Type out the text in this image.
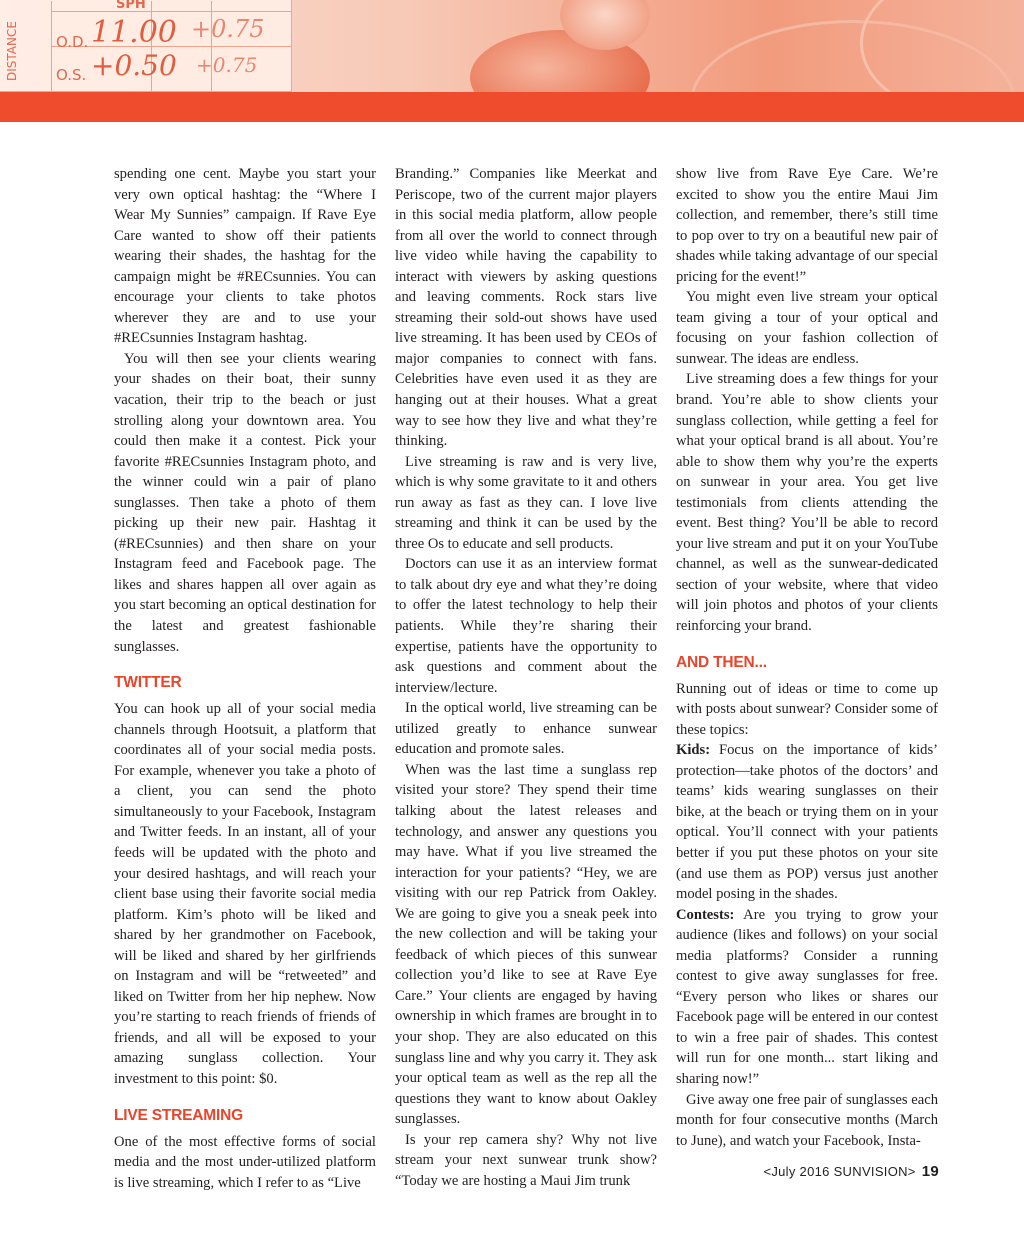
DISTANCE
SPH
O.D.
O.S.
11.00 +0.75
+0.50 +0.75

spending one cent. Maybe you start your very own optical hashtag: the “Where I Wear My Sunnies” campaign. If Rave Eye Care wanted to show off their patients wearing their shades, the hashtag for the campaign might be #RECsunnies. You can encourage your clients to take photos wherever they are and to use your #RECsunnies Instagram hashtag.

You will then see your clients wearing your shades on their boat, their sunny vacation, their trip to the beach or just strolling along your downtown area. You could then make it a contest. Pick your favorite #RECsunnies Instagram photo, and the winner could win a pair of plano sunglasses. Then take a photo of them picking up their new pair. Hashtag it (#RECsunnies) and then share on your Instagram feed and Facebook page. The likes and shares happen all over again as you start becoming an optical destination for the latest and greatest fashionable sunglasses.

TWITTER

You can hook up all of your social media channels through Hootsuit, a platform that coordinates all of your social media posts. For example, whenever you take a photo of a client, you can send the photo simultaneously to your Facebook, Instagram and Twitter feeds. In an instant, all of your feeds will be updated with the photo and your desired hashtags, and will reach your client base using their favorite social media platform. Kim’s photo will be liked and shared by her grandmother on Facebook, will be liked and shared by her girlfriends on Instagram and will be “retweeted” and liked on Twitter from her hip nephew. Now you’re starting to reach friends of friends of friends, and all will be exposed to your amazing sunglass collection. Your investment to this point: $0.

LIVE STREAMING

One of the most effective forms of social media and the most under-utilized platform is live streaming, which I refer to as “Live

Branding.” Companies like Meerkat and Periscope, two of the current major players in this social media platform, allow people from all over the world to connect through live video while having the capability to interact with viewers by asking questions and leaving comments. Rock stars live streaming their sold-out shows have used live streaming. It has been used by CEOs of major companies to connect with fans. Celebrities have even used it as they are hanging out at their houses. What a great way to see how they live and what they’re thinking.

Live streaming is raw and is very live, which is why some gravitate to it and others run away as fast as they can. I love live streaming and think it can be used by the three Os to educate and sell products.

Doctors can use it as an interview format to talk about dry eye and what they’re doing to offer the latest technology to help their patients. While they’re sharing their expertise, patients have the opportunity to ask questions and comment about the interview/lecture.

In the optical world, live streaming can be utilized greatly to enhance sunwear education and promote sales.

When was the last time a sunglass rep visited your store? They spend their time talking about the latest releases and technology, and answer any questions you may have. What if you live streamed the interaction for your patients? “Hey, we are visiting with our rep Patrick from Oakley. We are going to give you a sneak peek into the new collection and will be taking your feedback of which pieces of this sunwear collection you’d like to see at Rave Eye Care.” Your clients are engaged by having ownership in which frames are brought in to your shop. They are also educated on this sunglass line and why you carry it. They ask your optical team as well as the rep all the questions they want to know about Oakley sunglasses.

Is your rep camera shy? Why not live stream your next sunwear trunk show? “Today we are hosting a Maui Jim trunk

show live from Rave Eye Care. We’re excited to show you the entire Maui Jim collection, and remember, there’s still time to pop over to try on a beautiful new pair of shades while taking advantage of our special pricing for the event!”

You might even live stream your optical team giving a tour of your optical and focusing on your fashion collection of sunwear. The ideas are endless.

Live streaming does a few things for your brand. You’re able to show clients your sunglass collection, while getting a feel for what your optical brand is all about. You’re able to show them why you’re the experts on sunwear in your area. You get live testimonials from clients attending the event. Best thing? You’ll be able to record your live stream and put it on your YouTube channel, as well as the sunwear-dedicated section of your website, where that video will join photos and photos of your clients reinforcing your brand.

AND THEN...

Running out of ideas or time to come up with posts about sunwear? Consider some of these topics:

Kids: Focus on the importance of kids’ protection—take photos of the doctors’ and teams’ kids wearing sunglasses on their bike, at the beach or trying them on in your optical. You’ll connect with your patients better if you put these photos on your site (and use them as POP) versus just another model posing in the shades.

Contests: Are you trying to grow your audience (likes and follows) on your social media platforms? Consider a running contest to give away sunglasses for free. “Every person who likes or shares our Facebook page will be entered in our contest to win a free pair of shades. This contest will run for one month... start liking and sharing now!”

Give away one free pair of sunglasses each month for four consecutive months (March to June), and watch your Facebook, Insta-

<July 2016 SUNVISION> 19
